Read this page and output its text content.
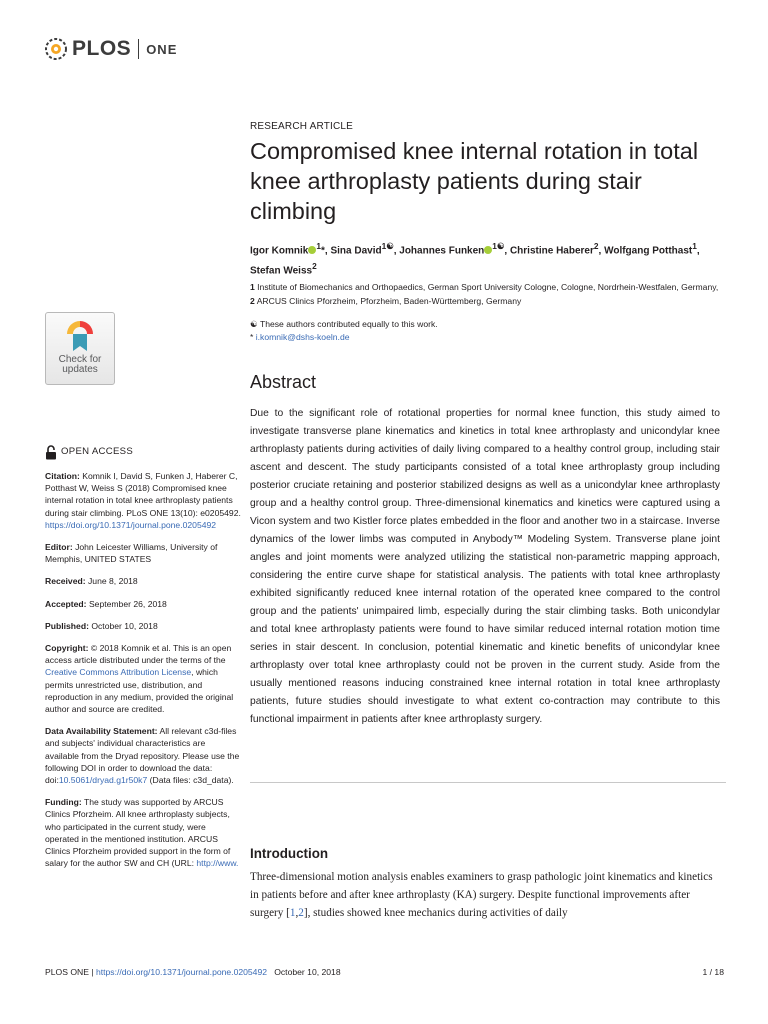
PLOS ONE
Check for
updates
OPEN ACCESS
Citation: Komnik I, David S, Funken J, Haberer C, Potthast W, Weiss S (2018) Compromised knee internal rotation in total knee arthroplasty patients during stair climbing. PLoS ONE 13(10): e0205492. https://doi.org/10.1371/journal.pone.0205492
Editor: John Leicester Williams, University of Memphis, UNITED STATES
Received: June 8, 2018
Accepted: September 26, 2018
Published: October 10, 2018
Copyright: © 2018 Komnik et al. This is an open access article distributed under the terms of the Creative Commons Attribution License, which permits unrestricted use, distribution, and reproduction in any medium, provided the original author and source are credited.
Data Availability Statement: All relevant c3d-files and subjects' individual characteristics are available from the Dryad repository. Please use the following DOI in order to download the data: doi:10.5061/dryad.g1r50k7 (Data files: c3d_data).
Funding: The study was supported by ARCUS Clinics Pforzheim. All knee arthroplasty subjects, who participated in the current study, were operated in the mentioned institution. ARCUS Clinics Pforzheim provided support in the form of salary for the author SW and CH (URL: http://www.
RESEARCH ARTICLE
Compromised knee internal rotation in total knee arthroplasty patients during stair climbing
Igor Komnik $^1$*, Sina David$^{1☯}$, Johannes Funken $^{1☯}$, Christine Haberer$^2$, Wolfgang Potthast$^1$, Stefan Weiss$^2$
1 Institute of Biomechanics and Orthopaedics, German Sport University Cologne, Cologne, Nordrhein-Westfalen, Germany, 2 ARCUS Clinics Pforzheim, Pforzheim, Baden-Württemberg, Germany
☯ These authors contributed equally to this work.
* i.komnik@dshs-koeln.de
Abstract

Due to the significant role of rotational properties for normal knee function, this study aimed to investigate transverse plane kinematics and kinetics in total knee arthroplasty and unicondylar knee arthroplasty patients during activities of daily living compared to a healthy control group, including stair ascent and descent. The study participants consisted of a total knee arthroplasty group including posterior cruciate retaining and posterior stabilized designs as well as a unicondylar knee arthroplasty group and a healthy control group. Three-dimensional kinematics and kinetics were captured using a Vicon system and two Kistler force plates embedded in the floor and another two in a staircase. Inverse dynamics of the lower limbs was computed in Anybody™ Modeling System. Transverse plane joint angles and joint moments were analyzed utilizing the statistical non-parametric mapping approach, considering the entire curve shape for statistical analysis. The patients with total knee arthroplasty exhibited significantly reduced knee internal rotation of the operated knee compared to the control group and the patients' unimpaired limb, especially during the stair climbing tasks. Both unicondylar and total knee arthroplasty patients were found to have similar reduced internal rotation motion time series in stair descent. In conclusion, potential kinematic and kinetic benefits of unicondylar knee arthroplasty over total knee arthroplasty could not be proven in the current study. Aside from the usually mentioned reasons inducing constrained knee internal rotation in total knee arthroplasty patients, future studies should investigate to what extent co-contraction may contribute to this functional impairment in patients after knee arthroplasty surgery.

Introduction

Three-dimensional motion analysis enables examiners to grasp pathologic joint kinematics and kinetics in patients before and after knee arthroplasty (KA) surgery. Despite functional improvements after surgery [1,2], studies showed knee mechanics during activities of daily

PLOS ONE | https://doi.org/10.1371/journal.pone.0205492 October 10, 2018	1 / 18
